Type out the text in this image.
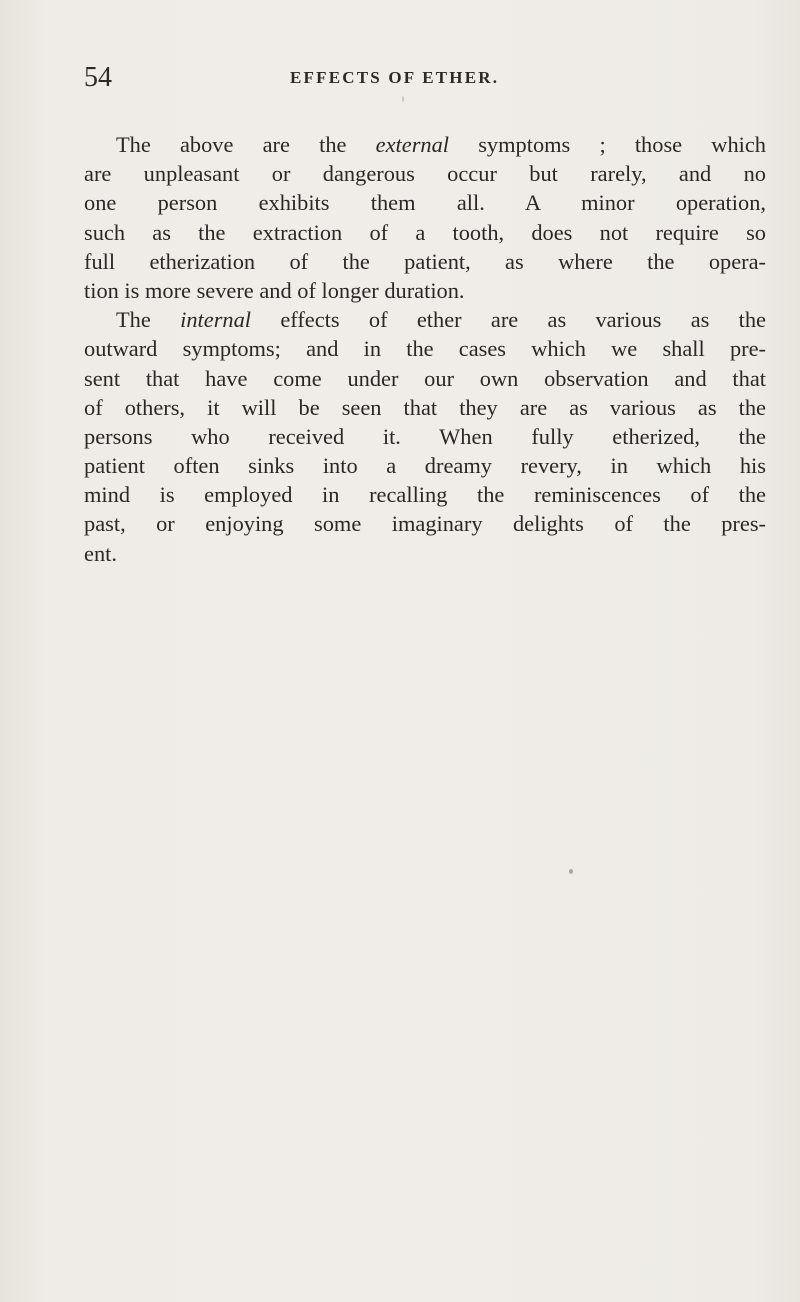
54	EFFECTS OF ETHER.

The above are the external symptoms ; those which
are unpleasant or dangerous occur but rarely, and no
one person exhibits them all. A minor operation,
such as the extraction of a tooth, does not require so
full etherization of the patient, as where the opera-
tion is more severe and of longer duration.

The internal effects of ether are as various as the
outward symptoms; and in the cases which we shall pre-
sent that have come under our own observation and that
of others, it will be seen that they are as various as the
persons who received it. When fully etherized, the
patient often sinks into a dreamy revery, in which his
mind is employed in recalling the reminiscences of the
past, or enjoying some imaginary delights of the pres-
ent.
